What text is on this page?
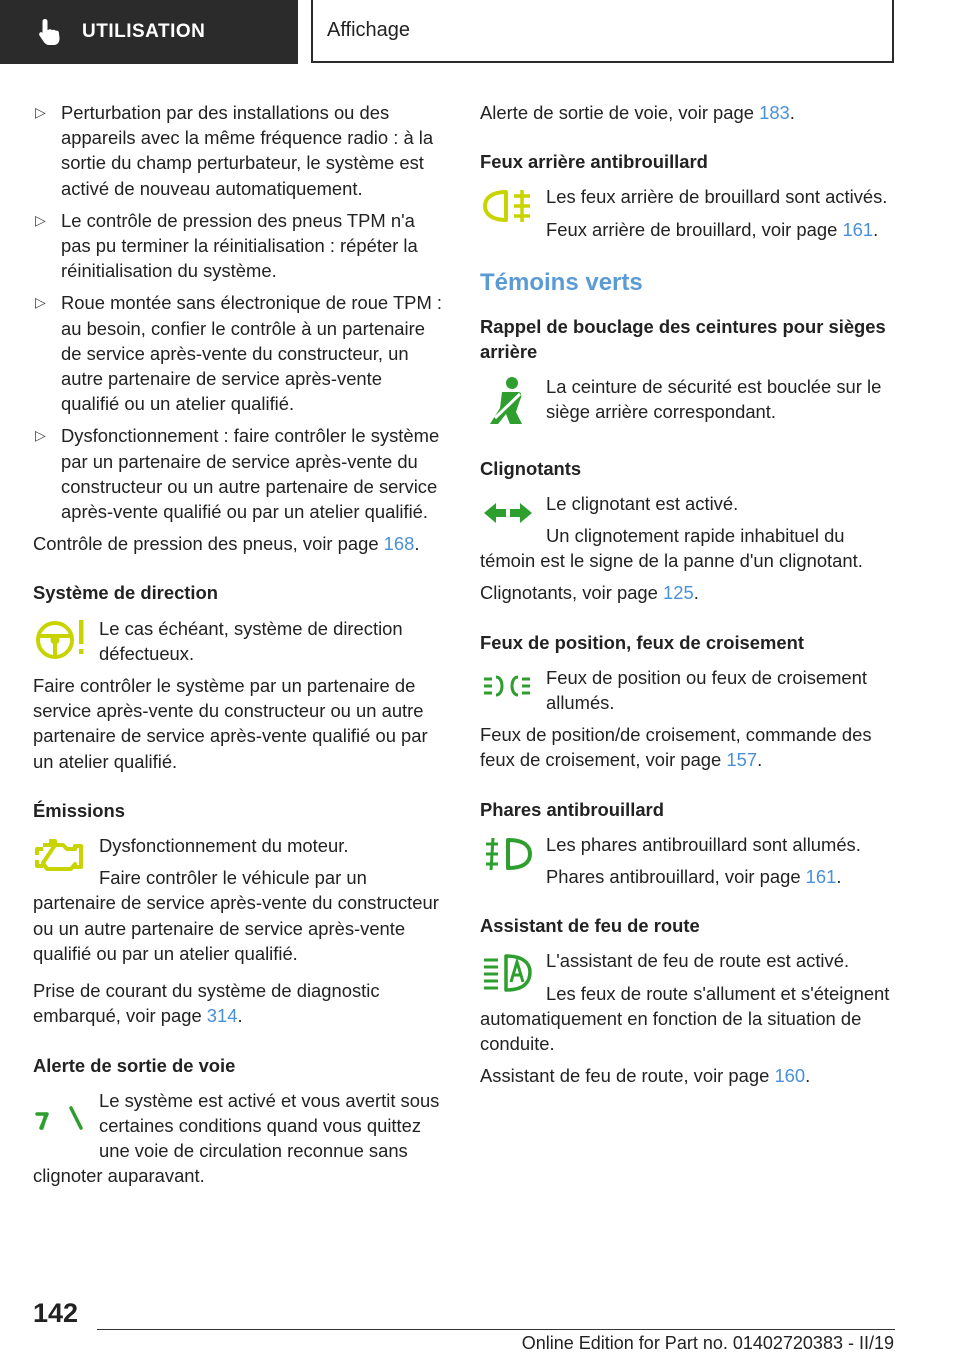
UTILISATION	Affichage
▷ Perturbation par des installations ou des appareils avec la même fréquence radio : à la sortie du champ perturbateur, le système est activé de nouveau automatiquement.
▷ Le contrôle de pression des pneus TPM n'a pas pu terminer la réinitialisation : répéter la réinitialisation du système.
▷ Roue montée sans électronique de roue TPM : au besoin, confier le contrôle à un partenaire de service après-vente du constructeur, un autre partenaire de service après-vente qualifié ou un atelier qualifié.
▷ Dysfonctionnement : faire contrôler le système par un partenaire de service après-vente du constructeur ou un autre partenaire de service après-vente qualifié ou par un atelier qualifié.

Contrôle de pression des pneus, voir page 168.

Système de direction

Le cas échéant, système de direction défectueux.

Faire contrôler le système par un partenaire de service après-vente du constructeur ou un autre partenaire de service après-vente qualifié ou par un atelier qualifié.

Émissions

Dysfonctionnement du moteur.

Faire contrôler le véhicule par un partenaire de service après-vente du constructeur ou un autre partenaire de service après-vente qualifié ou par un atelier qualifié.

Prise de courant du système de diagnostic embarqué, voir page 314.

Alerte de sortie de voie

Le système est activé et vous avertit sous certaines conditions quand vous quittez une voie de circulation reconnue sans clignoter auparavant.

Alerte de sortie de voie, voir page 183.

Feux arrière antibrouillard

Les feux arrière de brouillard sont activés.

Feux arrière de brouillard, voir page 161.

Témoins verts
Rappel de bouclage des ceintures pour sièges arrière

La ceinture de sécurité est bouclée sur le siège arrière correspondant.

Clignotants

Le clignotant est activé.

Un clignotement rapide inhabituel du témoin est le signe de la panne d'un clignotant.

Clignotants, voir page 125.

Feux de position, feux de croisement

Feux de position ou feux de croisement allumés.

Feux de position/de croisement, commande des feux de croisement, voir page 157.

Phares antibrouillard

Les phares antibrouillard sont allumés.

Phares antibrouillard, voir page 161.

Assistant de feu de route

L'assistant de feu de route est activé.

Les feux de route s'allument et s'éteignent automatiquement en fonction de la situation de conduite.

Assistant de feu de route, voir page 160.

142
Online Edition for Part no. 01402720383 - II/19
